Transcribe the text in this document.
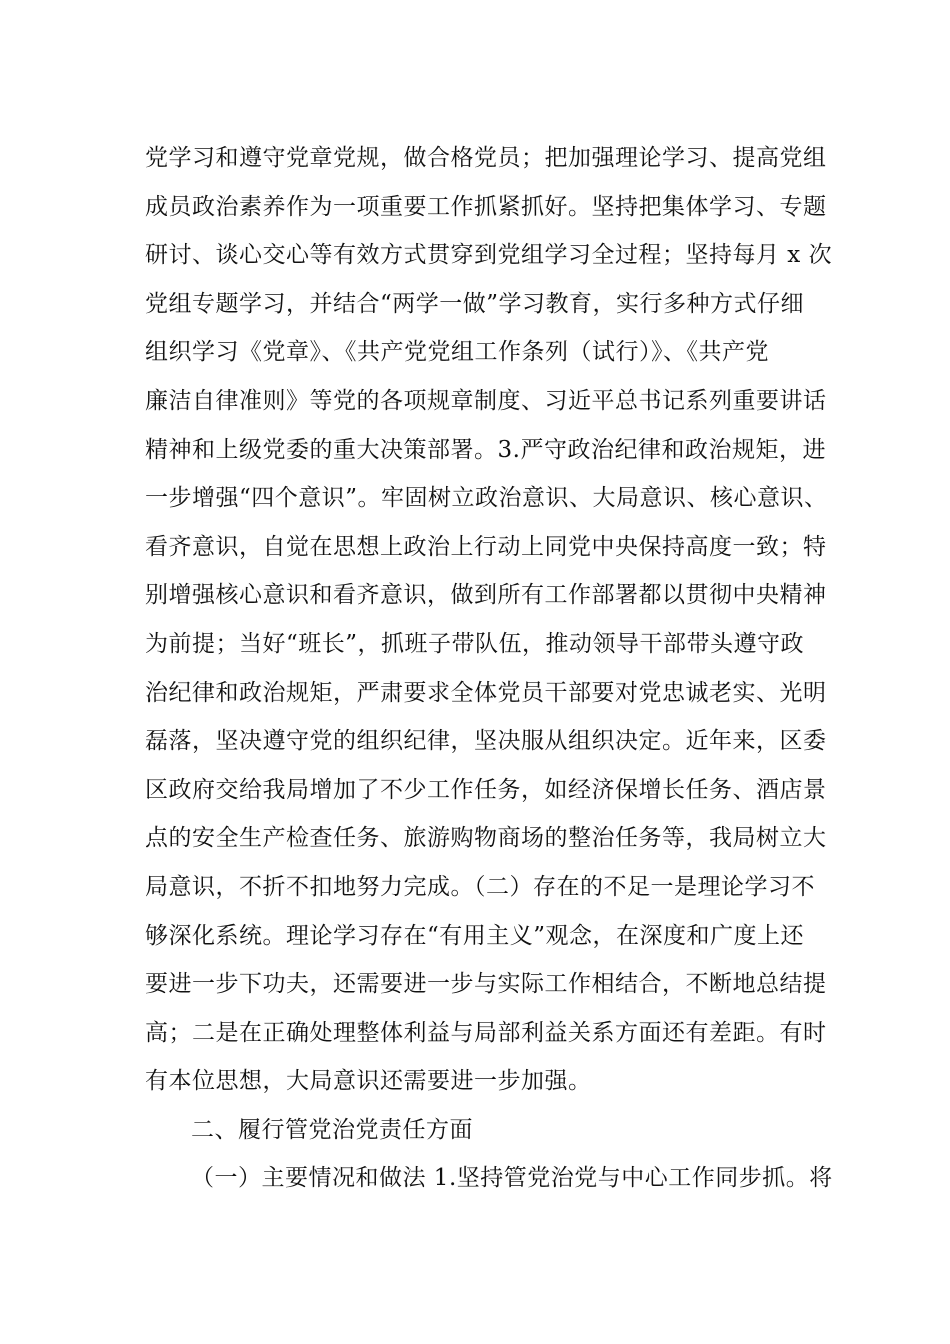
党学习和遵守党章党规，做合格党员；把加强理论学习、提高党组
成员政治素养作为一项重要工作抓紧抓好。坚持把集体学习、专题
研讨、谈心交心等有效方式贯穿到党组学习全过程；坚持每月 x 次
党组专题学习，并结合“两学一做”学习教育，实行多种方式仔细
组织学习《党章》、《共产党党组工作条列（试行）》、《共产党
廉洁自律准则》等党的各项规章制度、习近平总书记系列重要讲话
精神和上级党委的重大决策部署。3.严守政治纪律和政治规矩，进
一步增强“四个意识”。牢固树立政治意识、大局意识、核心意识、
看齐意识，自觉在思想上政治上行动上同党中央保持高度一致；特
别增强核心意识和看齐意识，做到所有工作部署都以贯彻中央精神
为前提；当好“班长”，抓班子带队伍，推动领导干部带头遵守政
治纪律和政治规矩，严肃要求全体党员干部要对党忠诚老实、光明
磊落，坚决遵守党的组织纪律，坚决服从组织决定。近年来，区委
区政府交给我局增加了不少工作任务，如经济保增长任务、酒店景
点的安全生产检查任务、旅游购物商场的整治任务等，我局树立大
局意识，不折不扣地努力完成。（二）存在的不足一是理论学习不
够深化系统。理论学习存在“有用主义”观念，在深度和广度上还
要进一步下功夫，还需要进一步与实际工作相结合，不断地总结提
高；二是在正确处理整体利益与局部利益关系方面还有差距。有时
有本位思想，大局意识还需要进一步加强。
二、履行管党治党责任方面
（一）主要情况和做法 1.坚持管党治党与中心工作同步抓。将
